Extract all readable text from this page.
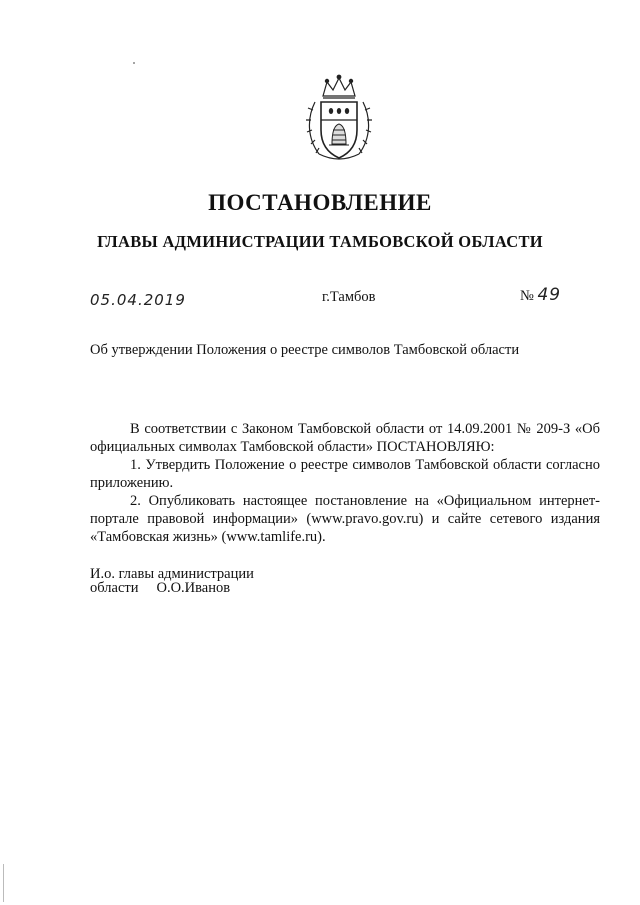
ПОСТАНОВЛЕНИЕ
ГЛАВЫ АДМИНИСТРАЦИИ ТАМБОВСКОЙ ОБЛАСТИ
05.04.2019	г.Тамбов	№ 49
Об утверждении Положения о реестре символов Тамбовской области

В соответствии с Законом Тамбовской области от 14.09.2001 № 209-З «Об официальных символах Тамбовской области» ПОСТАНОВЛЯЮ:

1. Утвердить Положение о реестре символов Тамбовской области согласно приложению.

2. Опубликовать настоящее постановление на «Официальном интернет-портале правовой информации» (www.pravo.gov.ru) и сайте сетевого издания «Тамбовская жизнь» (www.tamlife.ru).

И.о. главы администрации
области О.О.Иванов
